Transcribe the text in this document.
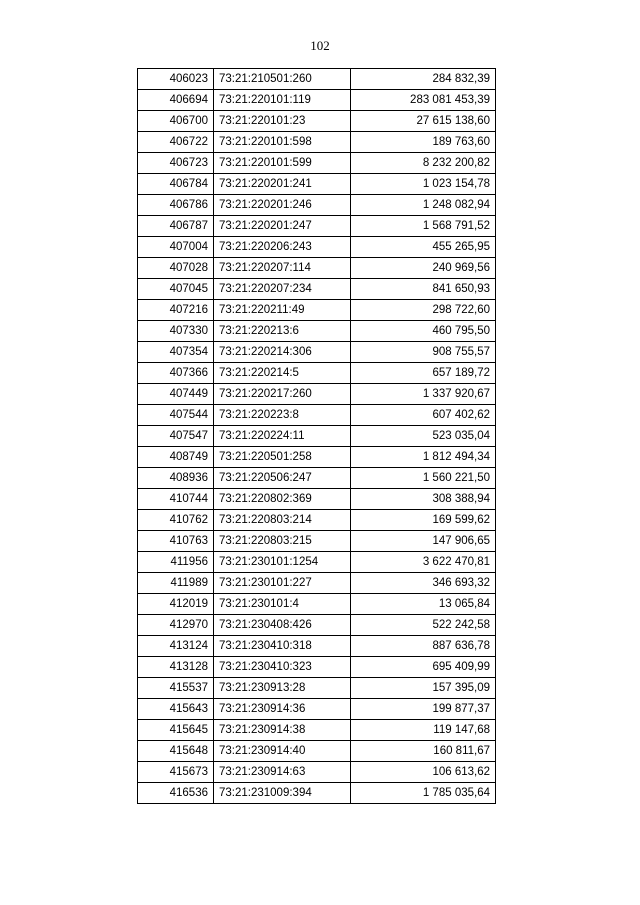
102
406023	73:21:210501:260	284 832,39
406694	73:21:220101:119	283 081 453,39
406700	73:21:220101:23	27 615 138,60
406722	73:21:220101:598	189 763,60
406723	73:21:220101:599	8 232 200,82
406784	73:21:220201:241	1 023 154,78
406786	73:21:220201:246	1 248 082,94
406787	73:21:220201:247	1 568 791,52
407004	73:21:220206:243	455 265,95
407028	73:21:220207:114	240 969,56
407045	73:21:220207:234	841 650,93
407216	73:21:220211:49	298 722,60
407330	73:21:220213:6	460 795,50
407354	73:21:220214:306	908 755,57
407366	73:21:220214:5	657 189,72
407449	73:21:220217:260	1 337 920,67
407544	73:21:220223:8	607 402,62
407547	73:21:220224:11	523 035,04
408749	73:21:220501:258	1 812 494,34
408936	73:21:220506:247	1 560 221,50
410744	73:21:220802:369	308 388,94
410762	73:21:220803:214	169 599,62
410763	73:21:220803:215	147 906,65
411956	73:21:230101:1254	3 622 470,81
411989	73:21:230101:227	346 693,32
412019	73:21:230101:4	13 065,84
412970	73:21:230408:426	522 242,58
413124	73:21:230410:318	887 636,78
413128	73:21:230410:323	695 409,99
415537	73:21:230913:28	157 395,09
415643	73:21:230914:36	199 877,37
415645	73:21:230914:38	119 147,68
415648	73:21:230914:40	160 811,67
415673	73:21:230914:63	106 613,62
416536	73:21:231009:394	1 785 035,64
